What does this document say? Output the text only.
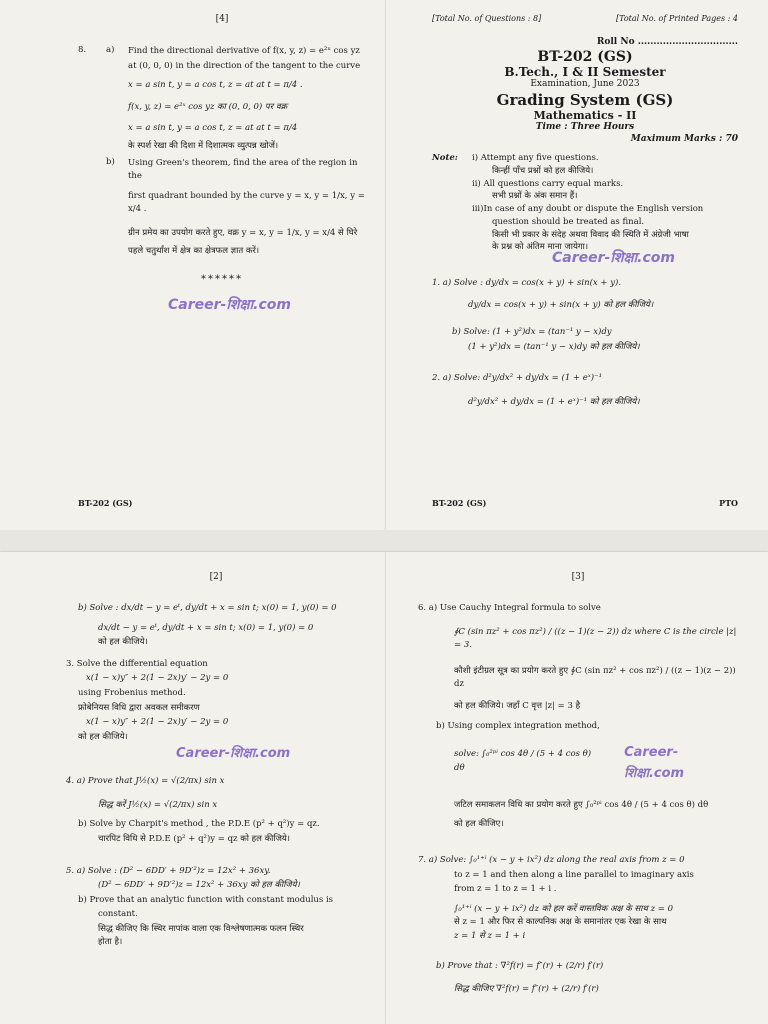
[4]
8.	a)	Find the directional derivative of f(x, y, z) = e²ˣ cos yz
at (0, 0, 0) in the direction of the tangent to the curve
x = a sin t, y = a cos t, z = at at t = π/4 .
f(x, y, z) = e²ˣ cos yz का (0, 0, 0) पर वक्र
x = a sin t, y = a cos t, z = at at t = π/4
के स्पर्श रेखा की दिशा में दिशात्मक व्युत्पन्न खोजें।
b)	Using Green's theorem, find the area of the region in the
first quadrant bounded by the curve y = x, y = 1/x, y = x/4 .
ग्रीन प्रमेय का उपयोग करते हुए, वक्र y = x, y = 1/x, y = x/4 से घिरे
पहले चतुर्थांश में क्षेत्र का क्षेत्रफल ज्ञात करें।
******
Career-शिक्षा.com
BT-202 (GS)
[Total No. of Questions : 8]	[Total No. of Printed Pages : 4
Roll No ................................
BT-202 (GS)
B.Tech., I & II Semester
Examination, June 2023
Grading System (GS)
Mathematics - II
Time : Three Hours
Maximum Marks : 70
Note:	i) Attempt any five questions.
किन्हीं पाँच प्रश्नों को हल कीजिये।
ii) All questions carry equal marks.
सभी प्रश्नों के अंक समान हैं।
iii)In case of any doubt or dispute the English version
question should be treated as final.
किसी भी प्रकार के संदेह अथवा विवाद की स्थिति में अंग्रेजी भाषा
के प्रश्न को अंतिम माना जायेगा।
Career-शिक्षा.com
1. a) Solve : dy/dx = cos(x + y) + sin(x + y).
dy/dx = cos(x + y) + sin(x + y) को हल कीजिये।
b) Solve: (1 + y²)dx = (tan⁻¹ y − x)dy
(1 + y²)dx = (tan⁻¹ y − x)dy को हल कीजिये।
2. a) Solve: d²y/dx² + dy/dx = (1 + eˣ)⁻¹
d²y/dx² + dy/dx = (1 + eˣ)⁻¹ को हल कीजिये।
BT-202 (GS)	PTO
[2]
b) Solve : dx/dt − y = eᵗ, dy/dt + x = sin t; x(0) = 1, y(0) = 0
dx/dt − y = eᵗ, dy/dt + x = sin t; x(0) = 1, y(0) = 0
को हल कीजिये।
3. Solve the differential equation
x(1 − x)y″ + 2(1 − 2x)y′ − 2y = 0
using Frobenius method.
फ्रोबेनियस विधि द्वारा अवकल समीकरण
x(1 − x)y″ + 2(1 − 2x)y′ − 2y = 0
को हल कीजिये।
Career-शिक्षा.com
4. a) Prove that J½(x) = √(2/πx) sin x
सिद्ध करें J½(x) = √(2/πx) sin x
b) Solve by Charpit's method , the P.D.E (p² + q²)y = qz.
चारपिट विधि से P.D.E (p² + q²)y = qz को हल कीजिये।
5. a) Solve : (D² − 6DD′ + 9D′²)z = 12x² + 36xy.
(D² − 6DD′ + 9D′²)z = 12x² + 36xy को हल कीजिये।
b) Prove that an analytic function with constant modulus is
constant.
सिद्ध कीजिए कि स्थिर मापांक वाला एक विश्लेषणात्मक फलन स्थिर
होता है।
[3]
6. a) Use Cauchy Integral formula to solve
∮C (sin πz² + cos πz²) / ((z − 1)(z − 2)) dz where C is the circle |z| = 3.
कौशी इंटीग्रल सूत्र का प्रयोग करते हुए ∮C (sin πz² + cos πz²) / ((z − 1)(z − 2)) dz
को हल कीजिये। जहाँ C वृत्त |z| = 3 है
b) Using complex integration method,
solve: ∫₀²ᵖⁱ cos 4θ / (5 + 4 cos θ) dθ
Career-शिक्षा.com
जटिल समाकलन विधि का प्रयोग करते हुए ∫₀²ᵖⁱ cos 4θ / (5 + 4 cos θ) dθ
को हल कीजिए।
7. a) Solve: ∫₀¹⁺ⁱ (x − y + ix²) dz along the real axis from z = 0
to z = 1 and then along a line parallel to imaginary axis
from z = 1 to z = 1 + i .
∫₀¹⁺ⁱ (x − y + ix²) dz को हल करें वास्तविक अक्ष के साथ z = 0
से z = 1 और फिर से काल्पनिक अक्ष के समानांतर एक रेखा के साथ
z = 1 से z = 1 + i
b) Prove that : ∇²f(r) = f″(r) + (2/r) f′(r)
सिद्ध कीजिए ∇²f(r) = f″(r) + (2/r) f′(r)
